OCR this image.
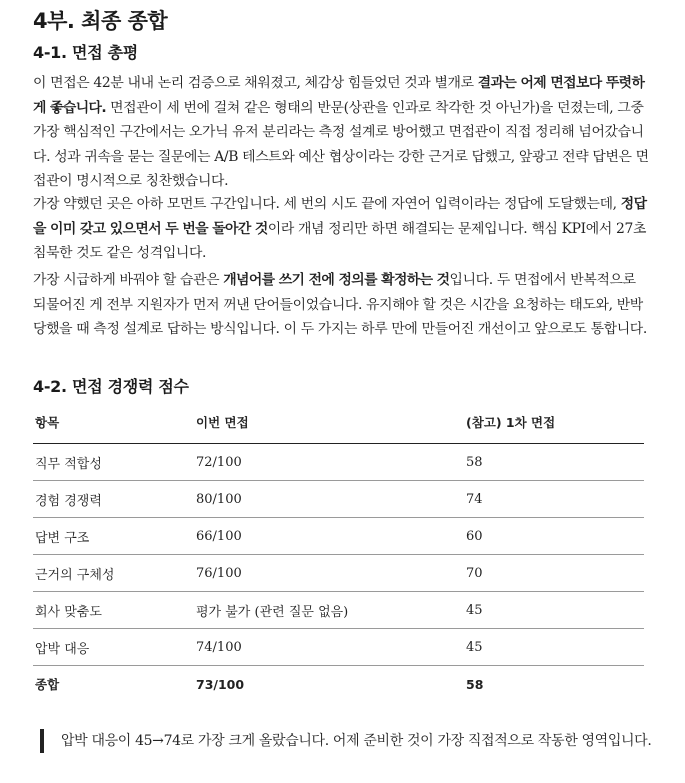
4부. 최종 종합
4-1. 면접 총평

이 면접은 42분 내내 논리 검증으로 채워졌고, 체감상 힘들었던 것과 별개로 결과는 어제 면접보다 뚜렷하게 좋습니다. 면접관이 세 번에 걸쳐 같은 형태의 반문(상관을 인과로 착각한 것 아닌가)을 던졌는데, 그중 가장 핵심적인 구간에서는 오가닉 유저 분리라는 측정 설계로 방어했고 면접관이 직접 정리해 넘어갔습니다. 성과 귀속을 묻는 질문에는 A/B 테스트와 예산 협상이라는 강한 근거로 답했고, 앞광고 전략 답변은 면접관이 명시적으로 칭찬했습니다.

가장 약했던 곳은 아하 모먼트 구간입니다. 세 번의 시도 끝에 자연어 입력이라는 정답에 도달했는데, 정답을 이미 갖고 있으면서 두 번을 돌아간 것이라 개념 정리만 하면 해결되는 문제입니다. 핵심 KPI에서 27초 침묵한 것도 같은 성격입니다.

가장 시급하게 바꿔야 할 습관은 개념어를 쓰기 전에 정의를 확정하는 것입니다. 두 면접에서 반복적으로 되물어진 게 전부 지원자가 먼저 꺼낸 단어들이었습니다. 유지해야 할 것은 시간을 요청하는 태도와, 반박당했을 때 측정 설계로 답하는 방식입니다. 이 두 가지는 하루 만에 만들어진 개선이고 앞으로도 통합니다.

4-2. 면접 경쟁력 점수
항목	이번 면접	(참고) 1차 면접
직무 적합성	72/100	58
경험 경쟁력	80/100	74
답변 구조	66/100	60
근거의 구체성	76/100	70
회사 맞춤도	평가 불가 (관련 질문 없음)	45
압박 대응	74/100	45
종합	73/100	58
압박 대응이 45→74로 가장 크게 올랐습니다. 어제 준비한 것이 가장 직접적으로 작동한 영역입니다.
